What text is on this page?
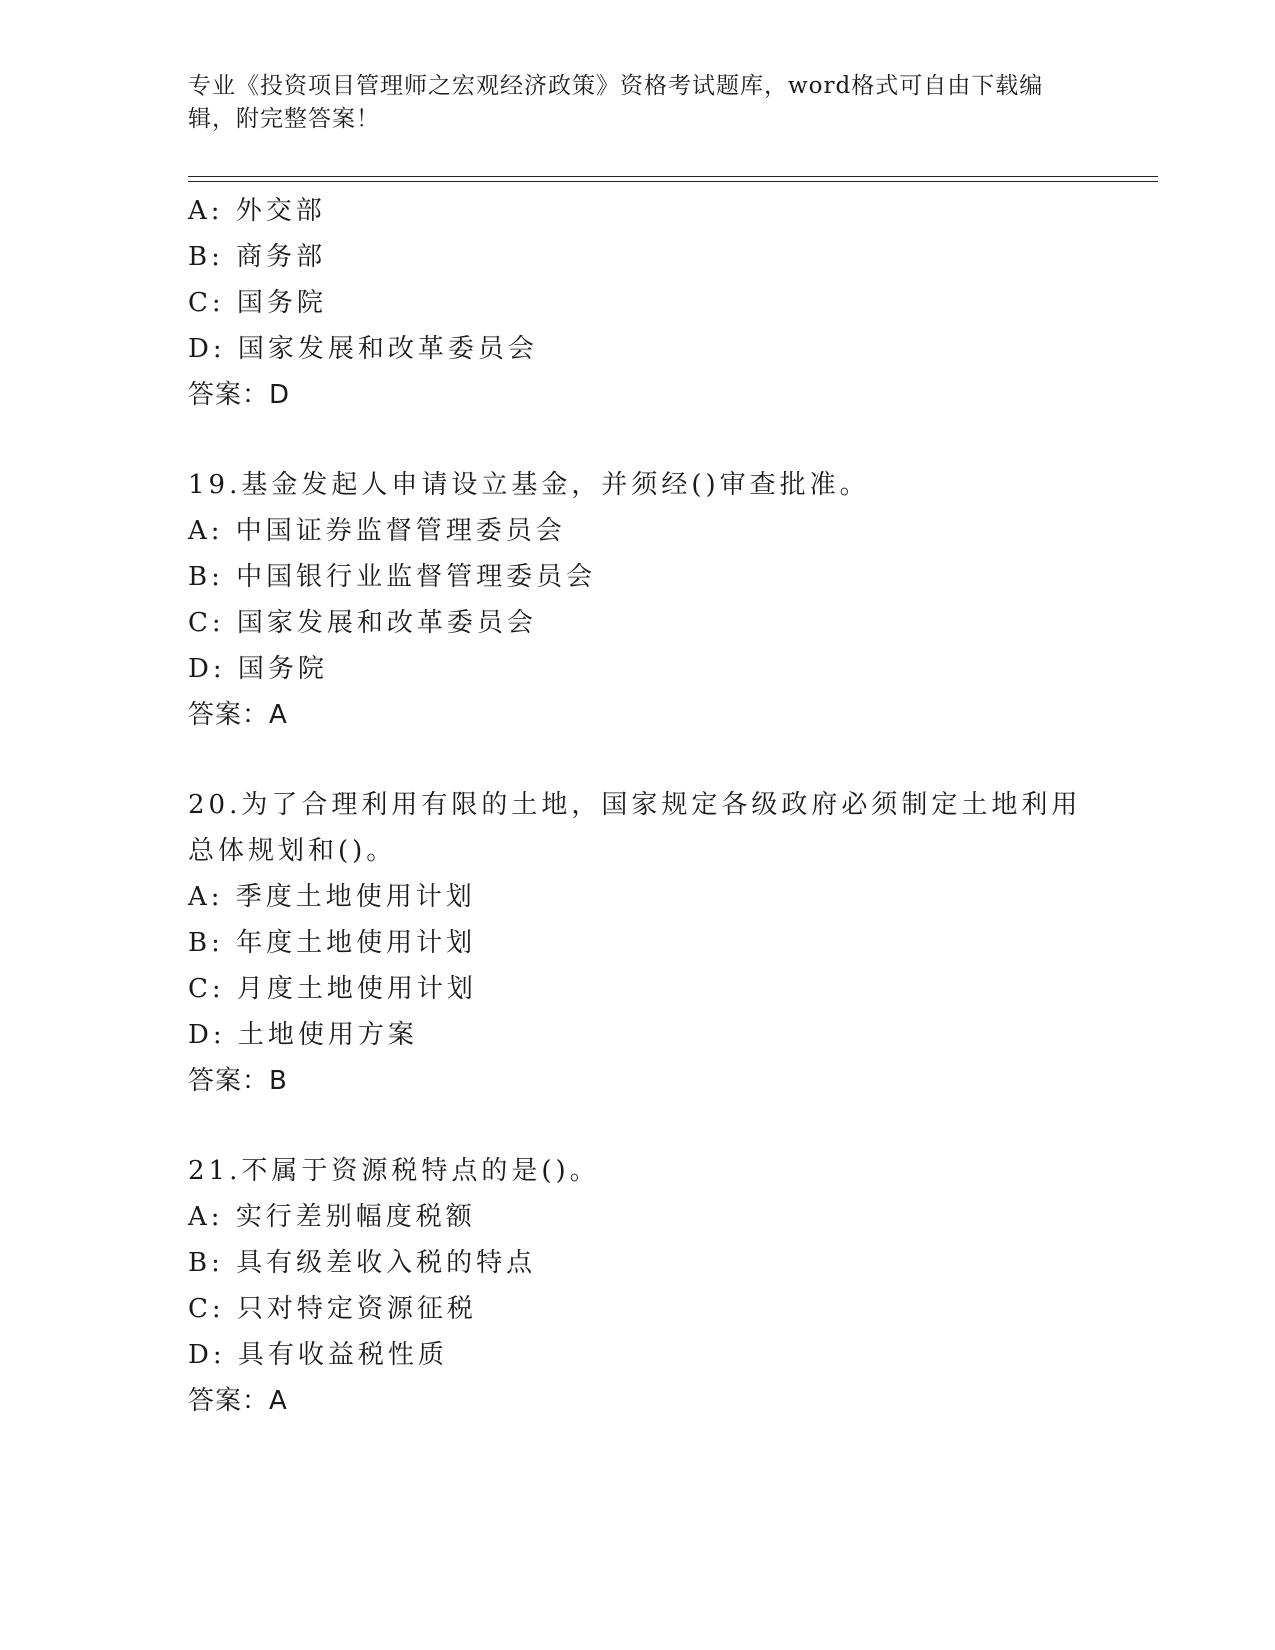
专业《投资项目管理师之宏观经济政策》资格考试题库，word格式可自由下载编辑，附完整答案！
A: 外交部
B: 商务部
C: 国务院
D: 国家发展和改革委员会
答案：D
19.基金发起人申请设立基金，并须经()审查批准。
A: 中国证券监督管理委员会
B: 中国银行业监督管理委员会
C: 国家发展和改革委员会
D: 国务院
答案：A
20.为了合理利用有限的土地，国家规定各级政府必须制定土地利用总体规划和()。
A: 季度土地使用计划
B: 年度土地使用计划
C: 月度土地使用计划
D: 土地使用方案
答案：B
21.不属于资源税特点的是()。
A: 实行差别幅度税额
B: 具有级差收入税的特点
C: 只对特定资源征税
D: 具有收益税性质
答案：A
